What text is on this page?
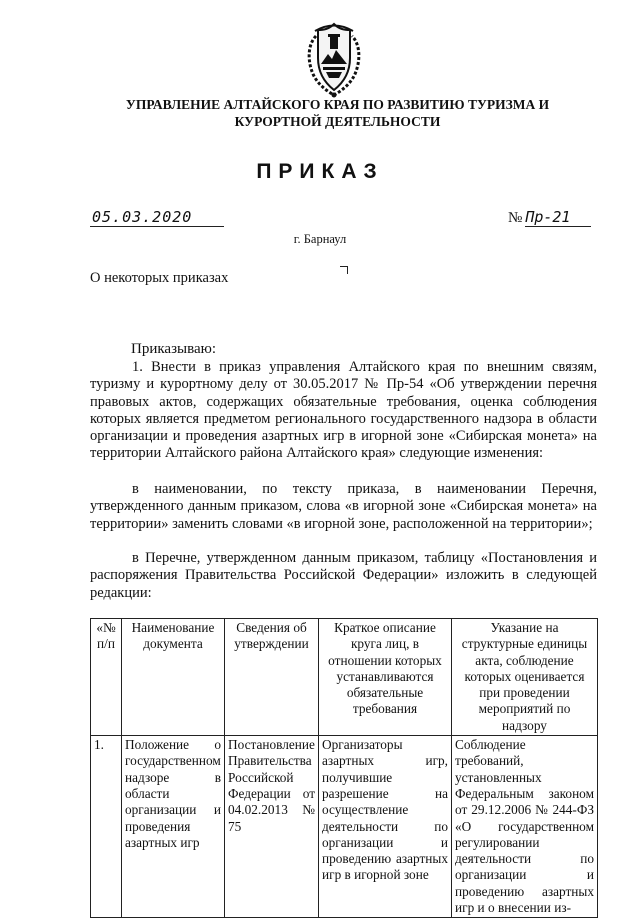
УПРАВЛЕНИЕ АЛТАЙСКОГО КРАЯ ПО РАЗВИТИЮ ТУРИЗМА И
КУРОРТНОЙ ДЕЯТЕЛЬНОСТИ
ПРИКАЗ
05.03.2020	№ Пр-21
г. Барнаул
О некоторых приказах
Приказываю:

1. Внести в приказ управления Алтайского края по внешним связям, туризму и курортному делу от 30.05.2017 № Пр-54 «Об утверждении перечня правовых актов, содержащих обязательные требования, оценка соблюдения которых является предметом регионального государственного надзора в области организации и проведения азартных игр в игорной зоне «Сибирская монета» на территории Алтайского района Алтайского края» следующие изменения:

в наименовании, по тексту приказа, в наименовании Перечня, утвержденного данным приказом, слова «в игорной зоне «Сибирская монета» на территории» заменить словами «в игорной зоне, расположенной на территории»;

в Перечне, утвержденном данным приказом, таблицу «Постановления и распоряжения Правительства Российской Федерации» изложить в следующей редакции:

«№ п/п	Наименование документа	Сведения об утверждении	Краткое описание круга лиц, в отношении которых устанавливаются обязательные требования	Указание на структурные единицы акта, соблюдение которых оценивается при проведении мероприятий по надзору
1.	Положение о государственном надзоре в области организации и проведения азартных игр	Постановление Правительства Российской Федерации от 04.02.2013 № 75	Организаторы азартных игр, получившие разрешение на осуществление деятельности по организации и проведению азартных игр в игорной зоне	Соблюдение требований, установленных Федеральным законом от 29.12.2006 № 244-ФЗ «О государственном регулировании деятельности по организации и проведению азартных игр и о внесении из-
